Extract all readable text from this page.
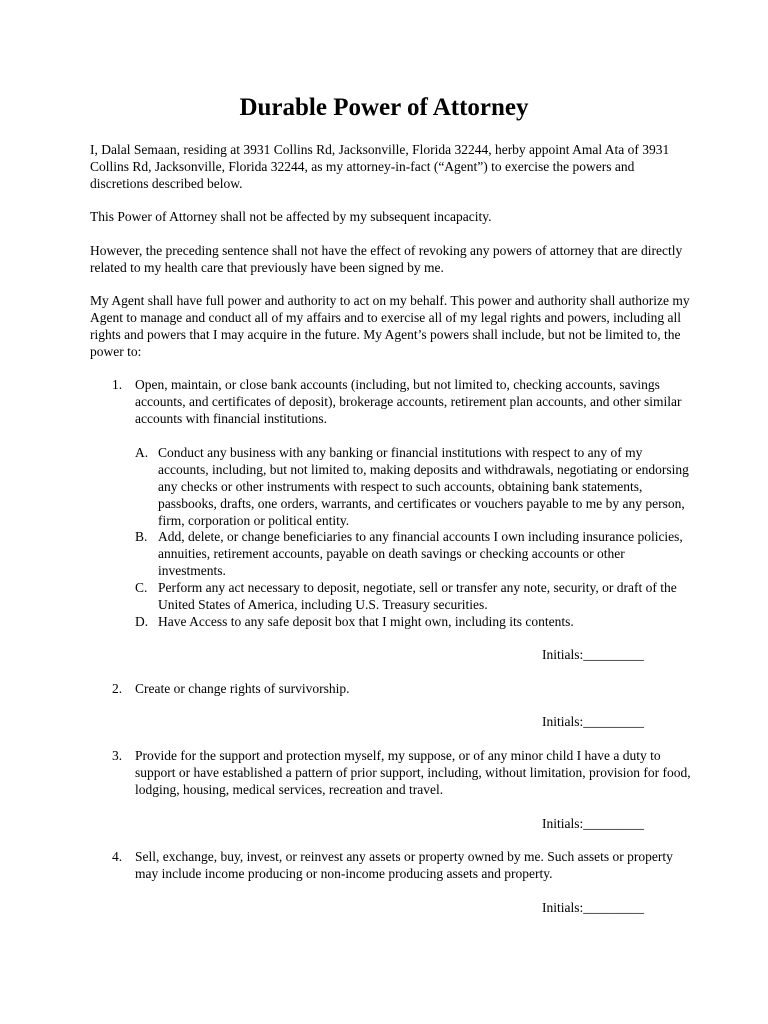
Durable Power of Attorney
I, Dalal Semaan, residing at 3931 Collins Rd, Jacksonville, Florida 32244, herby appoint Amal Ata of 3931 Collins Rd, Jacksonville, Florida 32244, as my attorney-in-fact (“Agent”) to exercise the powers and discretions described below.
This Power of Attorney shall not be affected by my subsequent incapacity.
However, the preceding sentence shall not have the effect of revoking any powers of attorney that are directly related to my health care that previously have been signed by me.
My Agent shall have full power and authority to act on my behalf. This power and authority shall authorize my Agent to manage and conduct all of my affairs and to exercise all of my legal rights and powers, including all rights and powers that I may acquire in the future. My Agent’s powers shall include, but not be limited to, the power to:
1. Open, maintain, or close bank accounts (including, but not limited to, checking accounts, savings accounts, and certificates of deposit), brokerage accounts, retirement plan accounts, and other similar accounts with financial institutions.
A. Conduct any business with any banking or financial institutions with respect to any of my accounts, including, but not limited to, making deposits and withdrawals, negotiating or endorsing any checks or other instruments with respect to such accounts, obtaining bank statements, passbooks, drafts, one orders, warrants, and certificates or vouchers payable to me by any person, firm, corporation or political entity.
B. Add, delete, or change beneficiaries to any financial accounts I own including insurance policies, annuities, retirement accounts, payable on death savings or checking accounts or other investments.
C. Perform any act necessary to deposit, negotiate, sell or transfer any note, security, or draft of the United States of America, including U.S. Treasury securities.
D. Have Access to any safe deposit box that I might own, including its contents.
Initials:_________
2. Create or change rights of survivorship.
Initials:_________
3. Provide for the support and protection myself, my suppose, or of any minor child I have a duty to support or have established a pattern of prior support, including, without limitation, provision for food, lodging, housing, medical services, recreation and travel.
Initials:_________
4. Sell, exchange, buy, invest, or reinvest any assets or property owned by me. Such assets or property may include income producing or non-income producing assets and property.
Initials:_________
